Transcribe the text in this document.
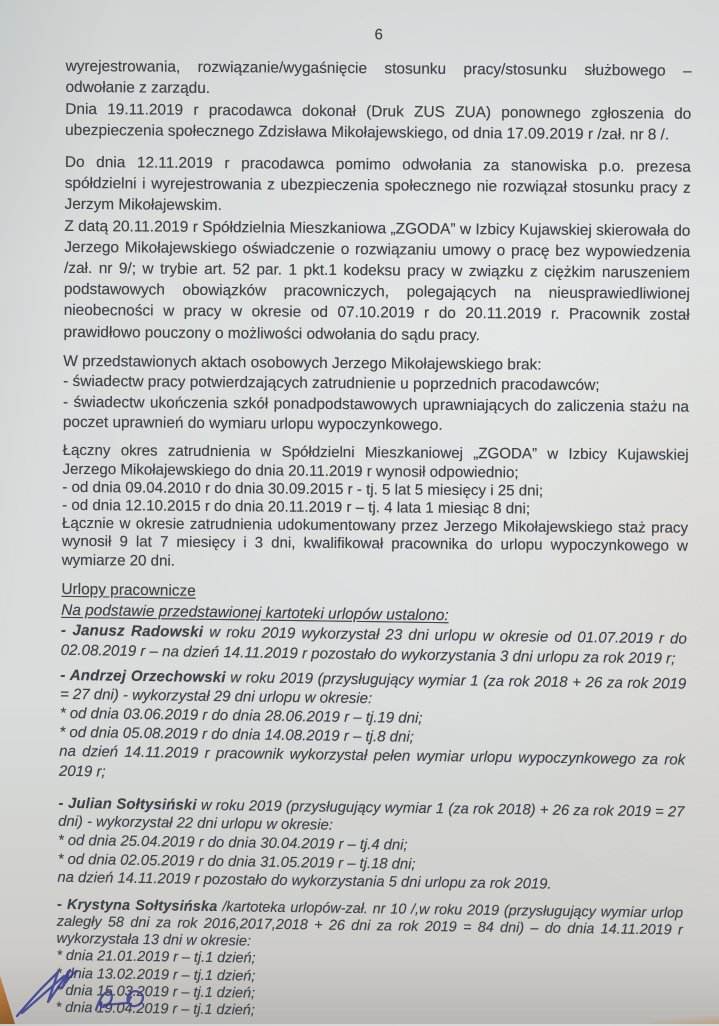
6

wyrejestrowania, rozwiązanie/wygaśnięcie stosunku pracy/stosunku służbowego – odwołanie z zarządu.

Dnia 19.11.2019 r pracodawca dokonał (Druk ZUS ZUA) ponownego zgłoszenia do ubezpieczenia społecznego Zdzisława Mikołajewskiego, od dnia 17.09.2019 r /zał. nr 8 /.

Do dnia 12.11.2019 r pracodawca pomimo odwołania za stanowiska p.o. prezesa spółdzielni i wyrejestrowania z ubezpieczenia społecznego nie rozwiązał stosunku pracy z Jerzym Mikołajewskim.

Z datą 20.11.2019 r Spółdzielnia Mieszkaniowa „ZGODA” w Izbicy Kujawskiej skierowała do Jerzego Mikołajewskiego oświadczenie o rozwiązaniu umowy o pracę bez wypowiedzenia /zał. nr 9/; w trybie art. 52 par. 1 pkt.1 kodeksu pracy w związku z ciężkim naruszeniem podstawowych obowiązków pracowniczych, polegających na nieusprawiedliwionej nieobecności w pracy w okresie od 07.10.2019 r do 20.11.2019 r. Pracownik został prawidłowo pouczony o możliwości odwołania do sądu pracy.

W przedstawionych aktach osobowych Jerzego Mikołajewskiego brak:

- świadectw pracy potwierdzających zatrudnienie u poprzednich pracodawców;

- świadectw ukończenia szkół ponadpodstawowych uprawniających do zaliczenia stażu na poczet uprawnień do wymiaru urlopu wypoczynkowego.

Łączny okres zatrudnienia w Spółdzielni Mieszkaniowej „ZGODA” w Izbicy Kujawskiej Jerzego Mikołajewskiego do dnia 20.11.2019 r wynosił odpowiednio;

- od dnia 09.04.2010 r do dnia 30.09.2015 r - tj. 5 lat 5 miesięcy i 25 dni;

- od dnia 12.10.2015 r do dnia 20.11.2019 r – tj. 4 lata 1 miesiąc 8 dni;

Łącznie w okresie zatrudnienia udokumentowany przez Jerzego Mikołajewskiego staż pracy wynosił 9 lat 7 miesięcy i 3 dni, kwalifikował pracownika do urlopu wypoczynkowego w wymiarze 20 dni.

Urlopy pracownicze

Na podstawie przedstawionej kartoteki urlopów ustalono:

- Janusz Radowski w roku 2019 wykorzystał 23 dni urlopu w okresie od 01.07.2019 r do 02.08.2019 r – na dzień 14.11.2019 r pozostało do wykorzystania 3 dni urlopu za rok 2019 r;

- Andrzej Orzechowski w roku 2019 (przysługujący wymiar 1 (za rok 2018 + 26 za rok 2019 = 27 dni) - wykorzystał 29 dni urlopu w okresie:

* od dnia 03.06.2019 r do dnia 28.06.2019 r – tj.19 dni;

* od dnia 05.08.2019 r do dnia 14.08.2019 r – tj.8 dni;

na dzień 14.11.2019 r pracownik wykorzystał pełen wymiar urlopu wypoczynkowego za rok 2019 r;

- Julian Sołtysiński w roku 2019 (przysługujący wymiar 1 (za rok 2018) + 26 za rok 2019 = 27 dni) - wykorzystał 22 dni urlopu w okresie:

* od dnia 25.04.2019 r do dnia 30.04.2019 r – tj.4 dni;

* od dnia 02.05.2019 r do dnia 31.05.2019 r – tj.18 dni;

na dzień 14.11.2019 r pozostało do wykorzystania 5 dni urlopu za rok 2019.

- Krystyna Sołtysińska /kartoteka urlopów-zał. nr 10 /,w roku 2019 (przysługujący wymiar urlop zaległy 58 dni za rok 2016,2017,2018 + 26 dni za rok 2019 = 84 dni) – do dnia 14.11.2019 r wykorzystała 13 dni w okresie:

* dnia 21.01.2019 r – tj.1 dzień;

* dnia 13.02.2019 r – tj.1 dzień;

* dnia 15.03.2019 r – tj.1 dzień;

* dnia 19.04.2019 r – tj.1 dzień;
